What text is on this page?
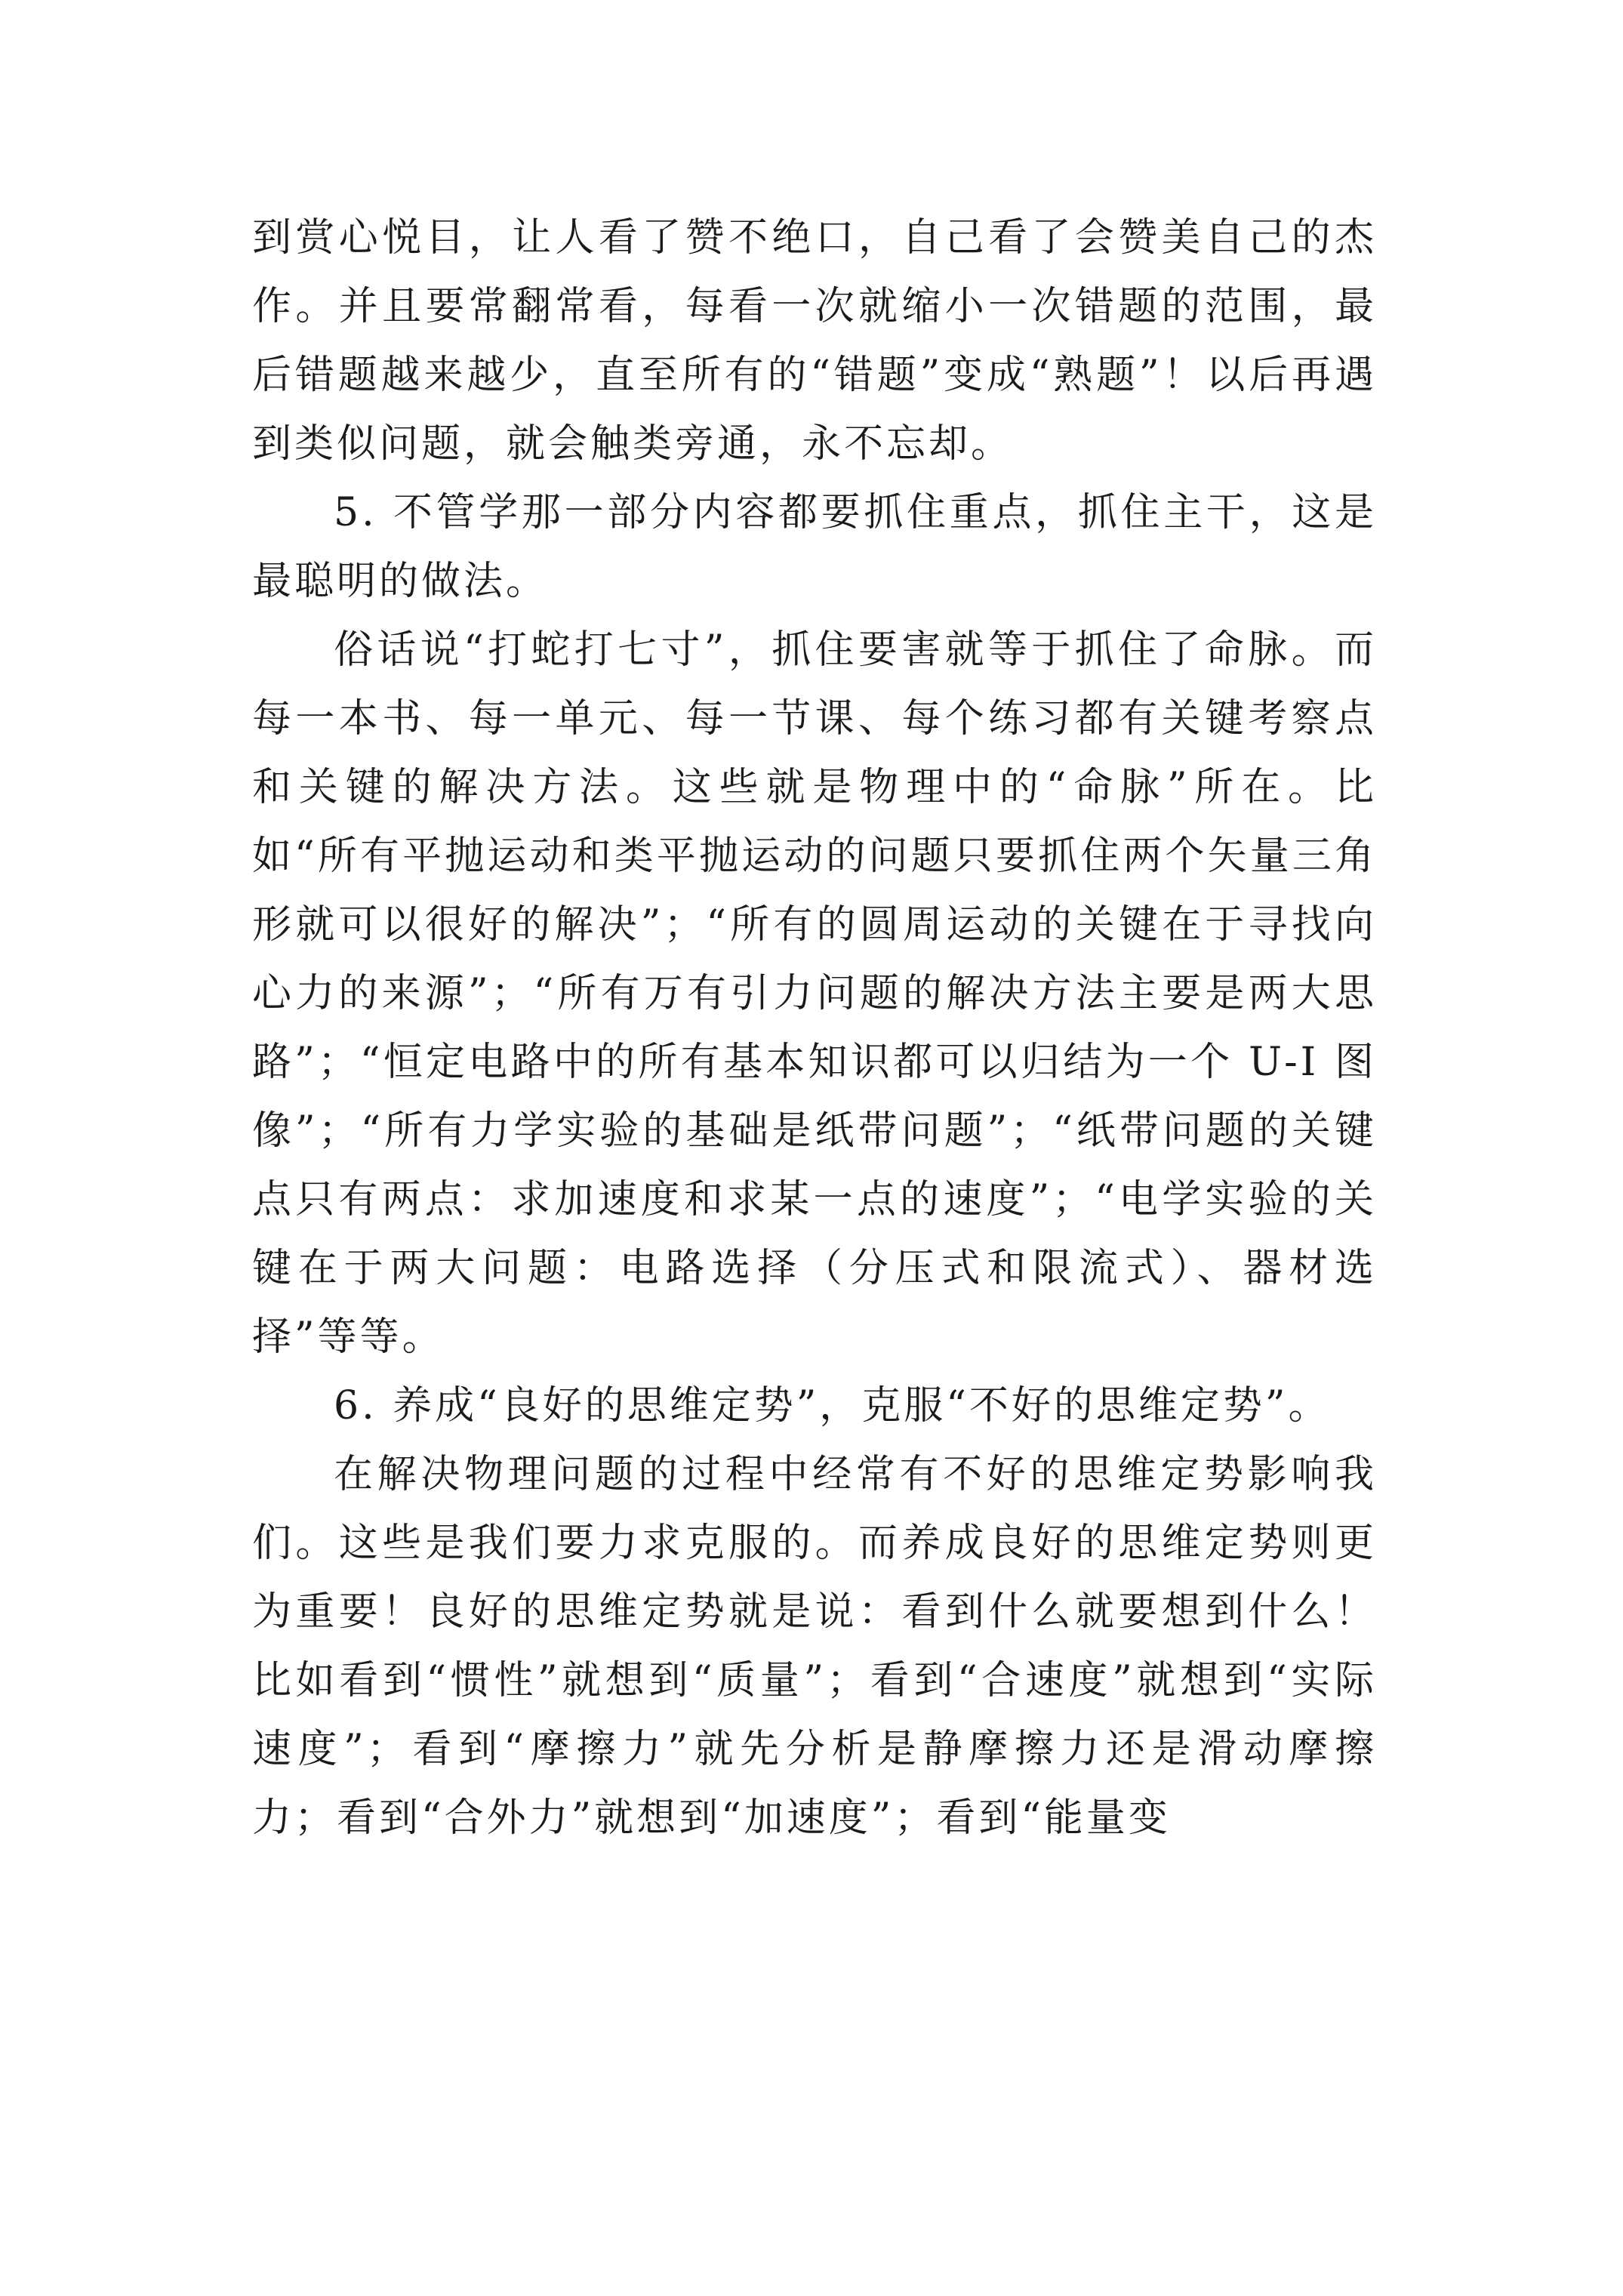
到赏心悦目，让人看了赞不绝口，自己看了会赞美自己的杰作。并且要常翻常看，每看一次就缩小一次错题的范围，最后错题越来越少，直至所有的“错题”变成“熟题”！以后再遇到类似问题，就会触类旁通，永不忘却。

5. 不管学那一部分内容都要抓住重点，抓住主干，这是最聪明的做法。

俗话说“打蛇打七寸”，抓住要害就等于抓住了命脉。而每一本书、每一单元、每一节课、每个练习都有关键考察点和关键的解决方法。这些就是物理中的“命脉”所在。比如“所有平抛运动和类平抛运动的问题只要抓住两个矢量三角形就可以很好的解决”；“所有的圆周运动的关键在于寻找向心力的来源”；“所有万有引力问题的解决方法主要是两大思路”；“恒定电路中的所有基本知识都可以归结为一个 U-I 图像”；“所有力学实验的基础是纸带问题”；“纸带问题的关键点只有两点：求加速度和求某一点的速度”；“电学实验的关键在于两大问题：电路选择（分压式和限流式）、器材选择”等等。

6. 养成“良好的思维定势”，克服“不好的思维定势”。

在解决物理问题的过程中经常有不好的思维定势影响我们。这些是我们要力求克服的。而养成良好的思维定势则更为重要！良好的思维定势就是说：看到什么就要想到什么！比如看到“惯性”就想到“质量”；看到“合速度”就想到“实际速度”；看到“摩擦力”就先分析是静摩擦力还是滑动摩擦力；看到“合外力”就想到“加速度”；看到“能量变
